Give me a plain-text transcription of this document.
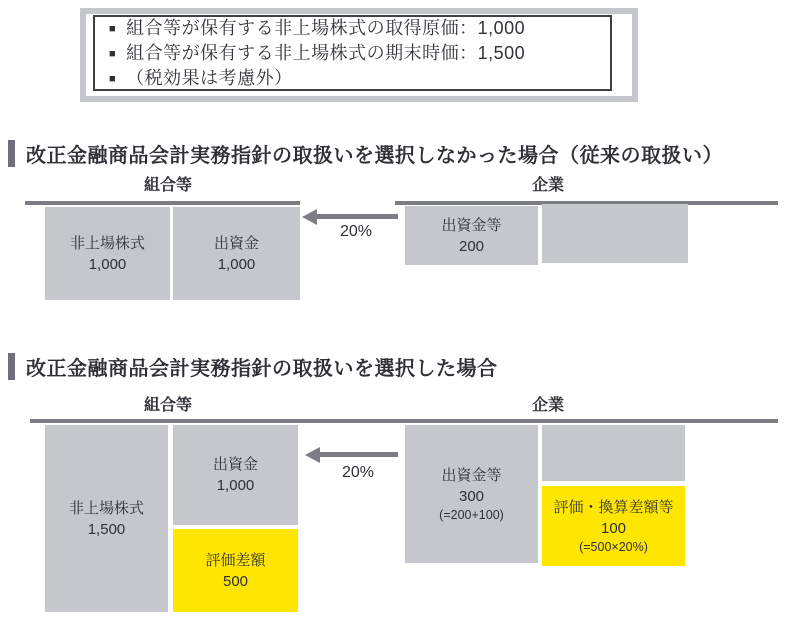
■ 組合等が保有する非上場株式の取得原価：1,000
■ 組合等が保有する非上場株式の期末時価：1,500
■ （税効果は考慮外）
改正金融商品会計実務指針の取扱いを選択しなかった場合（従来の取扱い）
組合等	企業
非上場株式
1,000
出資金
1,000
20%	出資金等
200
改正金融商品会計実務指針の取扱いを選択した場合
組合等	企業
非上場株式
1,500
出資金
1,000
評価差額
500
20%	出資金等
300
(=200+100)	評価・換算差額等
100
(=500×20%)
